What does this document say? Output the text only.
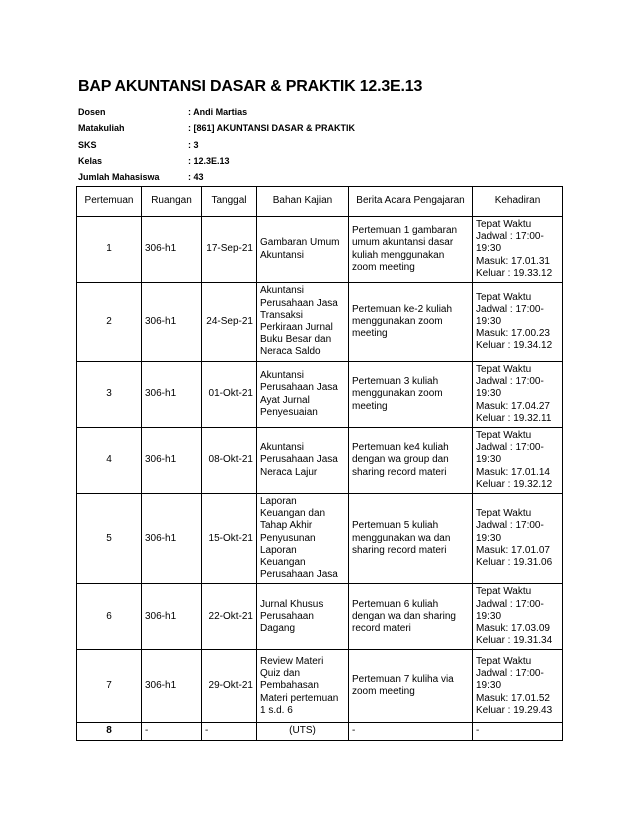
BAP AKUNTANSI DASAR & PRAKTIK 12.3E.13
Dosen	: Andi Martias
Matakuliah	: [861] AKUNTANSI DASAR & PRAKTIK
SKS	: 3
Kelas	: 12.3E.13
Jumlah Mahasiswa	: 43
Pertemuan	Ruangan	Tanggal	Bahan Kajian	Berita Acara Pengajaran	Kehadiran
1	306-h1	17-Sep-21	Gambaran Umum Akuntansi	Pertemuan 1 gambaran umum akuntansi dasar kuliah menggunakan zoom meeting	Tepat Waktu
Jadwal : 17:00-19:30
Masuk: 17.01.31
Keluar : 19.33.12
2	306-h1	24-Sep-21	Akuntansi Perusahaan Jasa Transaksi Perkiraan Jurnal Buku Besar dan Neraca Saldo	Pertemuan ke-2 kuliah menggunakan zoom meeting	Tepat Waktu
Jadwal : 17:00-19:30
Masuk: 17.00.23
Keluar : 19.34.12
3	306-h1	01-Okt-21	Akuntansi Perusahaan Jasa Ayat Jurnal Penyesuaian	Pertemuan 3 kuliah menggunakan zoom meeting	Tepat Waktu
Jadwal : 17:00-19:30
Masuk: 17.04.27
Keluar : 19.32.11
4	306-h1	08-Okt-21	Akuntansi Perusahaan Jasa Neraca Lajur	Pertemuan ke4 kuliah dengan wa group dan sharing record materi	Tepat Waktu
Jadwal : 17:00-19:30
Masuk: 17.01.14
Keluar : 19.32.12
5	306-h1	15-Okt-21	Laporan Keuangan dan Tahap Akhir Penyusunan Laporan Keuangan Perusahaan Jasa	Pertemuan 5 kuliah menggunakan wa dan sharing record materi	Tepat Waktu
Jadwal : 17:00-19:30
Masuk: 17.01.07
Keluar : 19.31.06
6	306-h1	22-Okt-21	Jurnal Khusus Perusahaan Dagang	Pertemuan 6 kuliah dengan wa dan sharing record materi	Tepat Waktu
Jadwal : 17:00-19:30
Masuk: 17.03.09
Keluar : 19.31.34
7	306-h1	29-Okt-21	Review Materi Quiz dan Pembahasan Materi pertemuan 1 s.d. 6	Pertemuan 7 kuliha via zoom meeting	Tepat Waktu
Jadwal : 17:00-19:30
Masuk: 17.01.52
Keluar : 19.29.43
8	-	-	(UTS)	-	-
